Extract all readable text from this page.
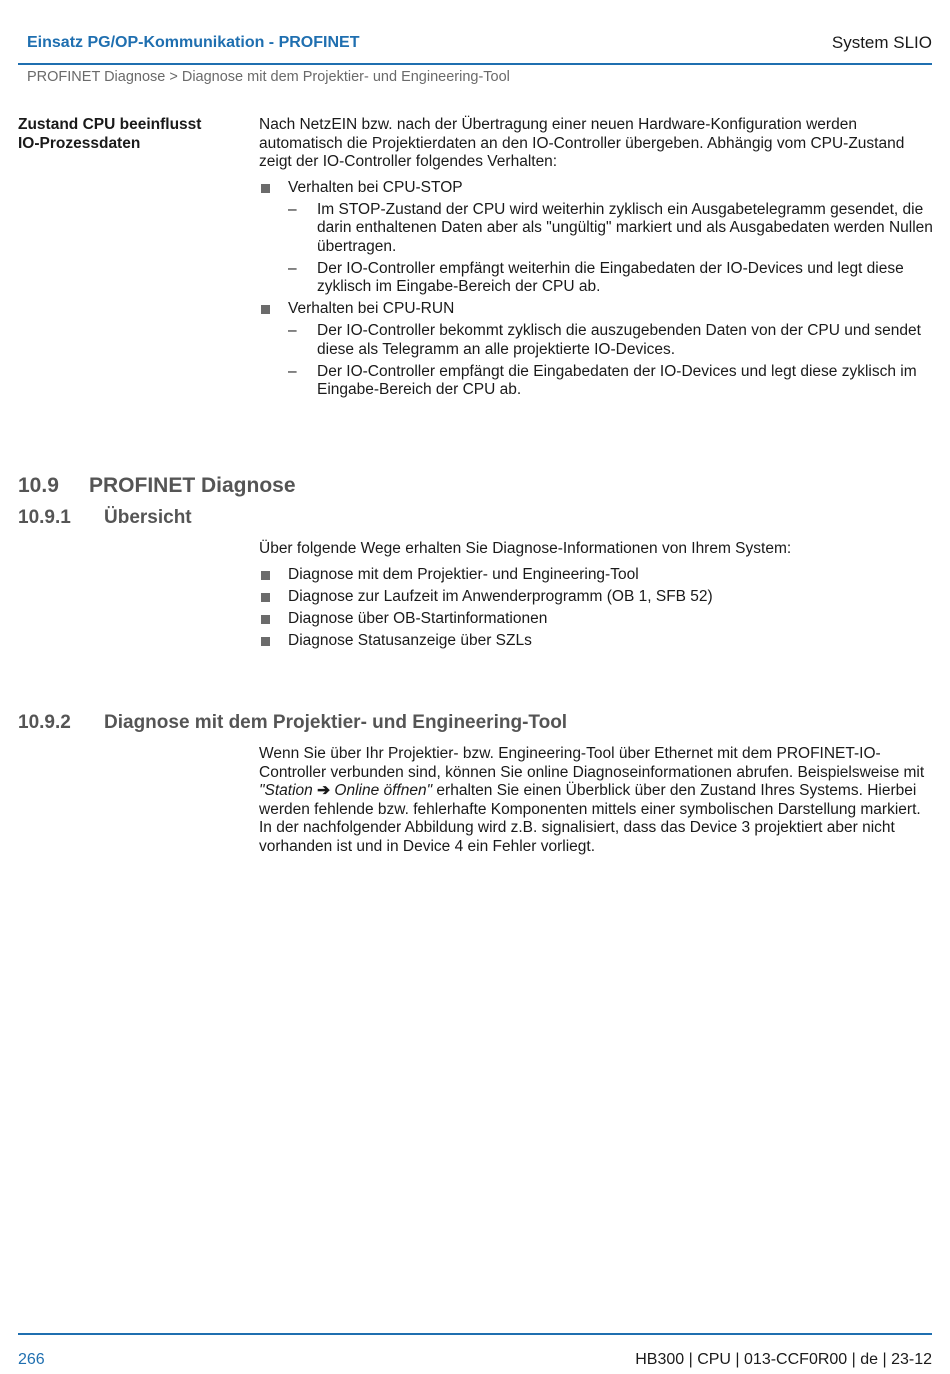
Einsatz PG/OP-Kommunikation - PROFINET	System SLIO
PROFINET Diagnose > Diagnose mit dem Projektier- und Engineering-Tool
Zustand CPU beeinflusst
IO-Prozessdaten

Nach NetzEIN bzw. nach der Übertragung einer neuen Hardware-Konfiguration werden automatisch die Projektierdaten an den IO-Controller übergeben. Abhängig vom CPU-Zustand zeigt der IO-Controller folgendes Verhalten:

Verhalten bei CPU-STOP
– Im STOP-Zustand der CPU wird weiterhin zyklisch ein Ausgabetelegramm gesendet, die darin enthaltenen Daten aber als "ungültig" markiert und als Ausgabedaten werden Nullen übertragen.
– Der IO-Controller empfängt weiterhin die Eingabedaten der IO-Devices und legt diese zyklisch im Eingabe-Bereich der CPU ab.
Verhalten bei CPU-RUN
– Der IO-Controller bekommt zyklisch die auszugebenden Daten von der CPU und sendet diese als Telegramm an alle projektierte IO-Devices.
– Der IO-Controller empfängt die Eingabedaten der IO-Devices und legt diese zyklisch im Eingabe-Bereich der CPU ab.
10.9 PROFINET Diagnose
10.9.1 Übersicht

Über folgende Wege erhalten Sie Diagnose-Informationen von Ihrem System:

Diagnose mit dem Projektier- und Engineering-Tool
Diagnose zur Laufzeit im Anwenderprogramm (OB 1, SFB 52)
Diagnose über OB-Startinformationen
Diagnose Statusanzeige über SZLs
10.9.2 Diagnose mit dem Projektier- und Engineering-Tool

Wenn Sie über Ihr Projektier- bzw. Engineering-Tool über Ethernet mit dem PROFINET-IO-Controller verbunden sind, können Sie online Diagnoseinformationen abrufen. Beispielsweise mit "Station ➔ Online öffnen" erhalten Sie einen Überblick über den Zustand Ihres Systems. Hierbei werden fehlende bzw. fehlerhafte Komponenten mittels einer symbolischen Darstellung markiert. In der nachfolgender Abbildung wird z.B. signalisiert, dass das Device 3 projektiert aber nicht vorhanden ist und in Device 4 ein Fehler vorliegt.

266	HB300 | CPU | 013-CCF0R00 | de | 23-12
